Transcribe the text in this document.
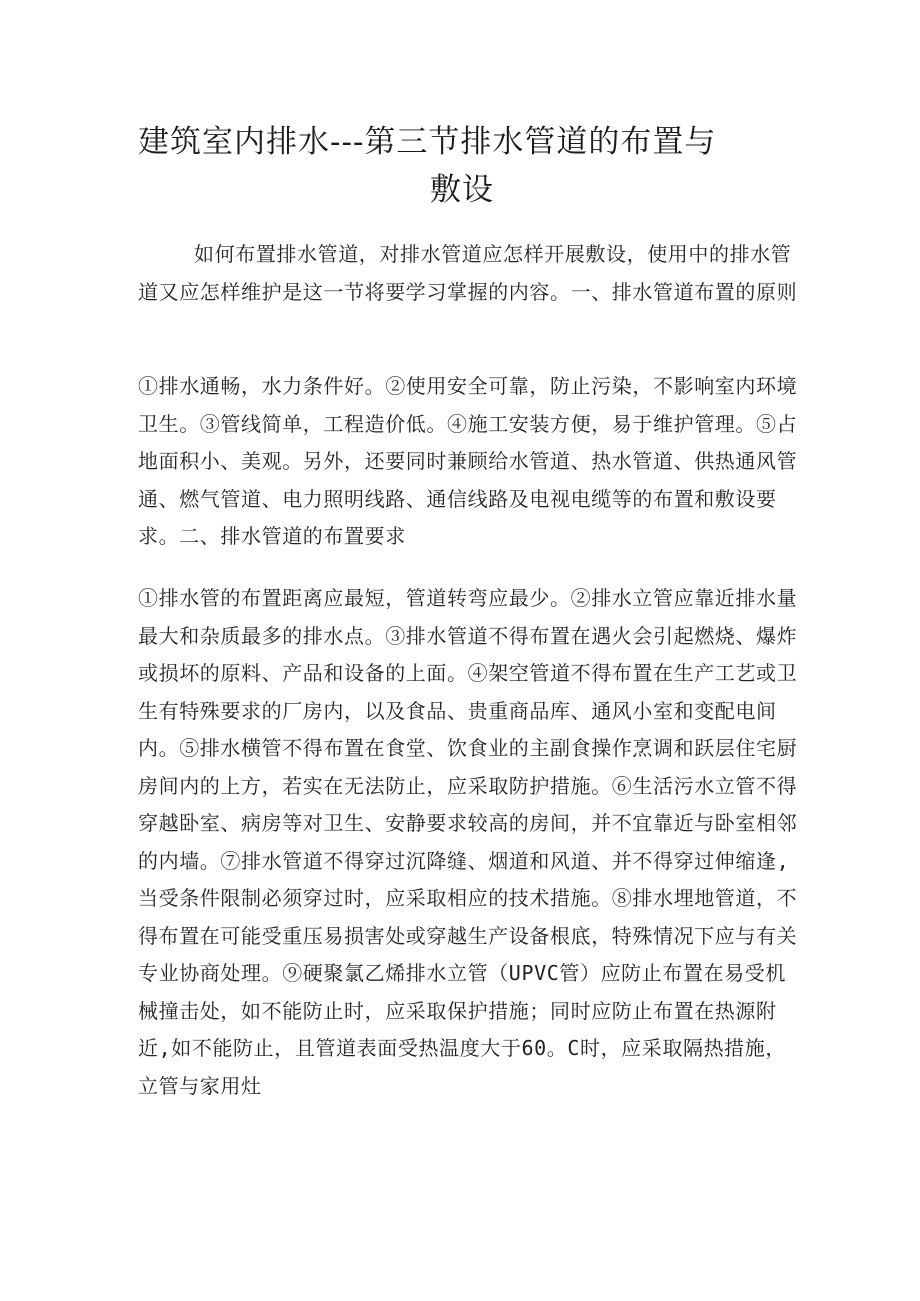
建筑室内排水---第三节排水管道的布置与
敷设

如何布置排水管道，对排水管道应怎样开展敷设，使用中的排水管道又应怎样维护是这一节将要学习掌握的内容。一、排水管道布置的原则

①排水通畅，水力条件好。②使用安全可靠，防止污染，不影响室内环境卫生。③管线简单，工程造价低。④施工安装方便，易于维护管理。⑤占地面积小、美观。另外，还要同时兼顾给水管道、热水管道、供热通风管通、燃气管道、电力照明线路、通信线路及电视电缆等的布置和敷设要求。二、排水管道的布置要求

①排水管的布置距离应最短，管道转弯应最少。②排水立管应靠近排水量最大和杂质最多的排水点。③排水管道不得布置在遇火会引起燃烧、爆炸或损坏的原料、产品和设备的上面。④架空管道不得布置在生产工艺或卫生有特殊要求的厂房内，以及食品、贵重商品库、通风小室和变配电间内。⑤排水横管不得布置在食堂、饮食业的主副食操作烹调和跃层住宅厨房间内的上方，若实在无法防止，应采取防护措施。⑥生活污水立管不得穿越卧室、病房等对卫生、安静要求较高的房间，并不宜靠近与卧室相邻的内墙。⑦排水管道不得穿过沉降缝、烟道和风道、并不得穿过伸缩逢,当受条件限制必须穿过时，应采取相应的技术措施。⑧排水埋地管道，不得布置在可能受重压易损害处或穿越生产设备根底，特殊情况下应与有关专业协商处理。⑨硬聚氯乙烯排水立管（UPVC管）应防止布置在易受机械撞击处，如不能防止时，应采取保护措施；同时应防止布置在热源附近,如不能防止，且管道表面受热温度大于60。C时，应采取隔热措施，立管与家用灶
